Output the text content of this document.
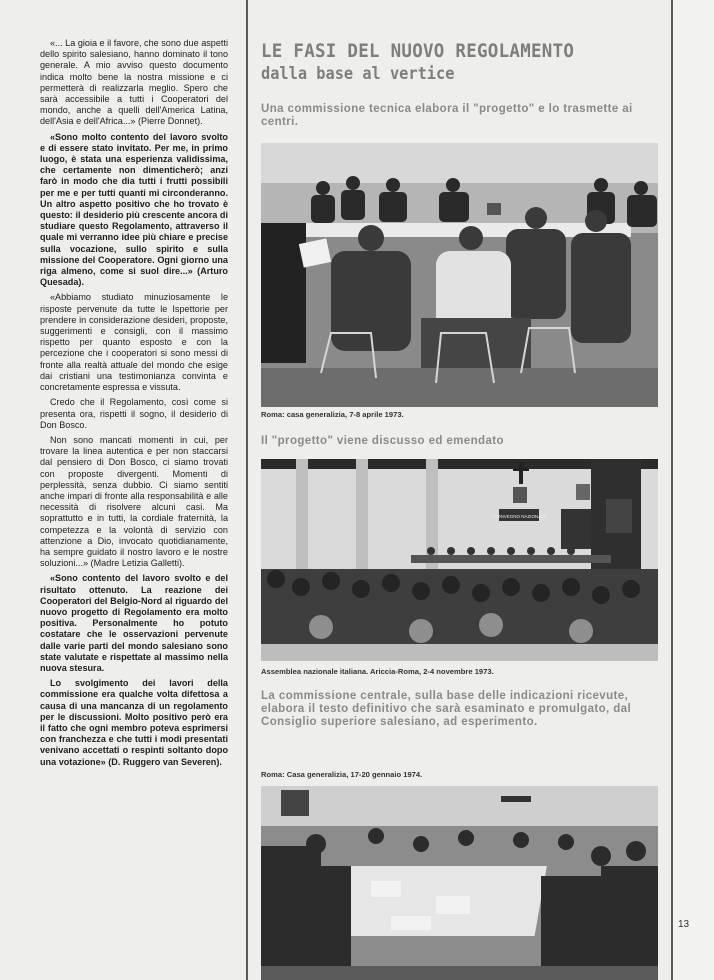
«... La gioia e il favore, che sono due aspetti dello spirito salesiano, hanno dominato il tono generale. A mio avviso questo documento indica molto bene la nostra missione e ci permetterà di realizzarla meglio. Spero che sarà accessibile a tutti i Cooperatori del mondo, anche a quelli dell'America Latina, dell'Asia e dell'Africa...» (Pierre Donnet).

«Sono molto contento del lavoro svolto e di essere stato invitato. Per me, in primo luogo, è stata una esperienza validissima, che certamente non dimenticherò; anzi farò in modo che dia tutti i frutti possibili per me e per tutti quanti mi circonderanno. Un altro aspetto positivo che ho trovato è questo: il desiderio più crescente ancora di studiare questo Regolamento, attraverso il quale mi verranno idee più chiare e precise sulla vocazione, sullo spirito e sulla missione del Cooperatore. Ogni giorno una riga almeno, come si suol dire...» (Arturo Quesada).

«Abbiamo studiato minuziosamente le risposte pervenute da tutte le Ispettorie per prendere in considerazione desideri, proposte, suggerimenti e consigli, con il massimo rispetto per quanto esposto e con la percezione che i cooperatori si sono messi di fronte alla realtà attuale del mondo che esige dai cristiani una testimonianza convinta e concretamente espressa e vissuta.

Credo che il Regolamento, così come si presenta ora, rispetti il sogno, il desiderio di Don Bosco.

Non sono mancati momenti in cui, per trovare la linea autentica e per non staccarsi dal pensiero di Don Bosco, ci siamo trovati con proposte divergenti. Momenti di perplessità, senza dubbio. Ci siamo sentiti anche impari di fronte alla responsabilità e alle necessità di risolvere alcuni casi. Ma soprattutto e in tutti, la cordiale fraternità, la competezza e la volontà di servizio con attenzione a Dio, invocato quotidianamente, ha sempre guidato il nostro lavoro e le nostre soluzioni...» (Madre Letizia Galletti).

«Sono contento del lavoro svolto e del risultato ottenuto. La reazione dei Cooperatori del Belgio-Nord al riguardo del nuovo progetto di Regolamento era molto positiva. Personalmente ho potuto costatare che le osservazioni pervenute dalle varie parti del mondo salesiano sono state valutate e rispettate al massimo nella nuova stesura.

Lo svolgimento dei lavori della commissione era qualche volta difettosa a causa di una mancanza di un regolamento per le discussioni. Molto positivo però era il fatto che ogni membro poteva esprimersi con franchezza e che tutti i modi presentati venivano accettati o respinti soltanto dopo una votazione» (D. Ruggero van Severen).

LE FASI DEL NUOVO REGOLAMENTO
dalla base al vertice
Una commissione tecnica elabora il "progetto" e lo trasmette ai centri.
Roma: casa generalizia, 7-8 aprile 1973.
Il "progetto" viene discusso ed emendato
I CONVEGNO NAZIONALE
Assemblea nazionale italiana. Ariccia-Roma, 2-4 novembre 1973.
La commissione centrale, sulla base delle indicazioni ricevute, elabora il testo definitivo che sarà esaminato e promulgato, dal Consiglio superiore salesiano, ad esperimento.
Roma: Casa generalizia, 17-20 gennaio 1974.
13
